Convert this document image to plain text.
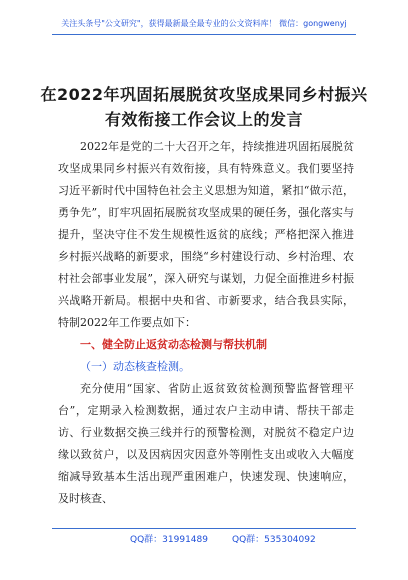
关注头条号"公文研究"，获得最新最全最专业的公文资料库！ 微信：gongwenyj
在2022年巩固拓展脱贫攻坚成果同乡村振兴
有效衔接工作会议上的发言

2022年是党的二十大召开之年，持续推进巩固拓展脱贫攻坚成果同乡村振兴有效衔接，具有特殊意义。我们要坚持习近平新时代中国特色社会主义思想为知道，紧扣“做示范，勇争先”，盯牢巩固拓展脱贫攻坚成果的硬任务，强化落实与提升，坚决守住不发生规模性返贫的底线；严格把深入推进乡村振兴战略的新要求，围绕“乡村建设行动、乡村治理、农村社会部事业发展”，深入研究与谋划，力促全面推进乡村振兴战略开新局。根据中央和省、市新要求，结合我县实际，特制2022年工作要点如下：

一、健全防止返贫动态检测与帮扶机制

（一）动态核查检测。

充分使用“国家、省防止返贫致贫检测预警监督管理平台”，定期录入检测数据，通过农户主动申请、帮扶干部走访、行业数据交换三线并行的预警检测，对脱贫不稳定户边缘以致贫户，以及因病因灾因意外等刚性支出或收入大幅度缩减导致基本生活出现严重困难户，快速发现、快速响应，及时核查、

QQ群：31991489	QQ群：535304092
